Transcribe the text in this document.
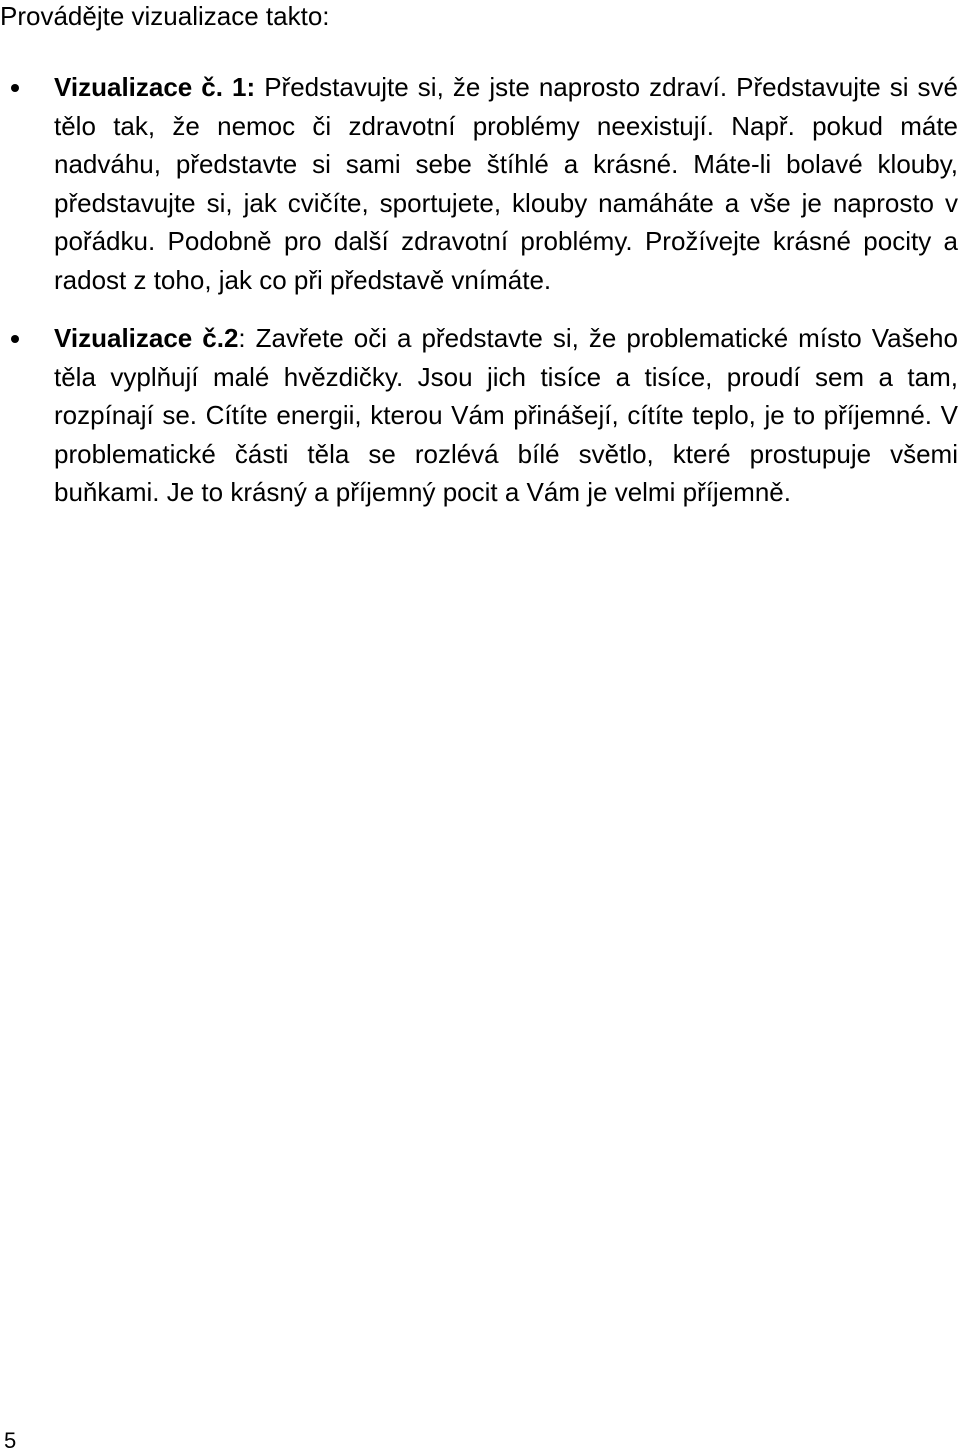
Provádějte vizualizace takto:

Vizualizace č. 1: Představujte si, že jste naprosto zdraví. Představujte si své tělo tak, že nemoc či zdravotní problémy neexistují. Např. pokud máte nadváhu, představte si sami sebe štíhlé a krásné. Máte-li bolavé klouby, představujte si, jak cvičíte, sportujete, klouby namáháte a vše je naprosto v pořádku. Podobně pro další zdravotní problémy. Prožívejte krásné pocity a radost z toho, jak co při představě vnímáte.
Vizualizace č.2: Zavřete oči a představte si, že problematické místo Vašeho těla vyplňují malé hvězdičky. Jsou jich tisíce a tisíce, proudí sem a tam, rozpínají se. Cítíte energii, kterou Vám přinášejí, cítíte teplo, je to příjemné. V problematické části těla se rozlévá bílé světlo, které prostupuje všemi buňkami. Je to krásný a příjemný pocit a Vám je velmi příjemně.
5
